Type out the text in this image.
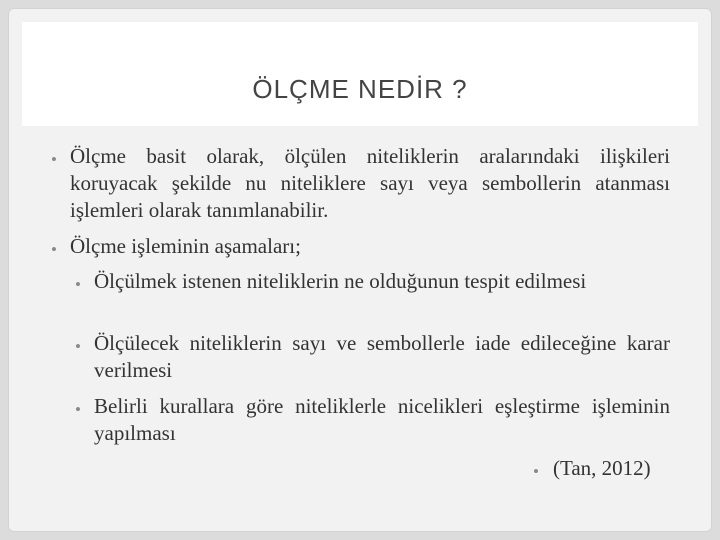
ÖLÇME NEDİR ?
• Ölçme basit olarak, ölçülen niteliklerin aralarındaki ilişkileri koruyacak şekilde nu niteliklere sayı veya sembollerin atanması işlemleri olarak tanımlanabilir.

• Ölçme işleminin aşamaları;

• Ölçülmek istenen niteliklerin ne olduğunun tespit edilmesi

• Ölçülecek niteliklerin sayı ve sembollerle iade edileceğine karar verilmesi

• Belirli kurallara göre niteliklerle nicelikleri eşleştirme işleminin yapılması

• (Tan, 2012)
